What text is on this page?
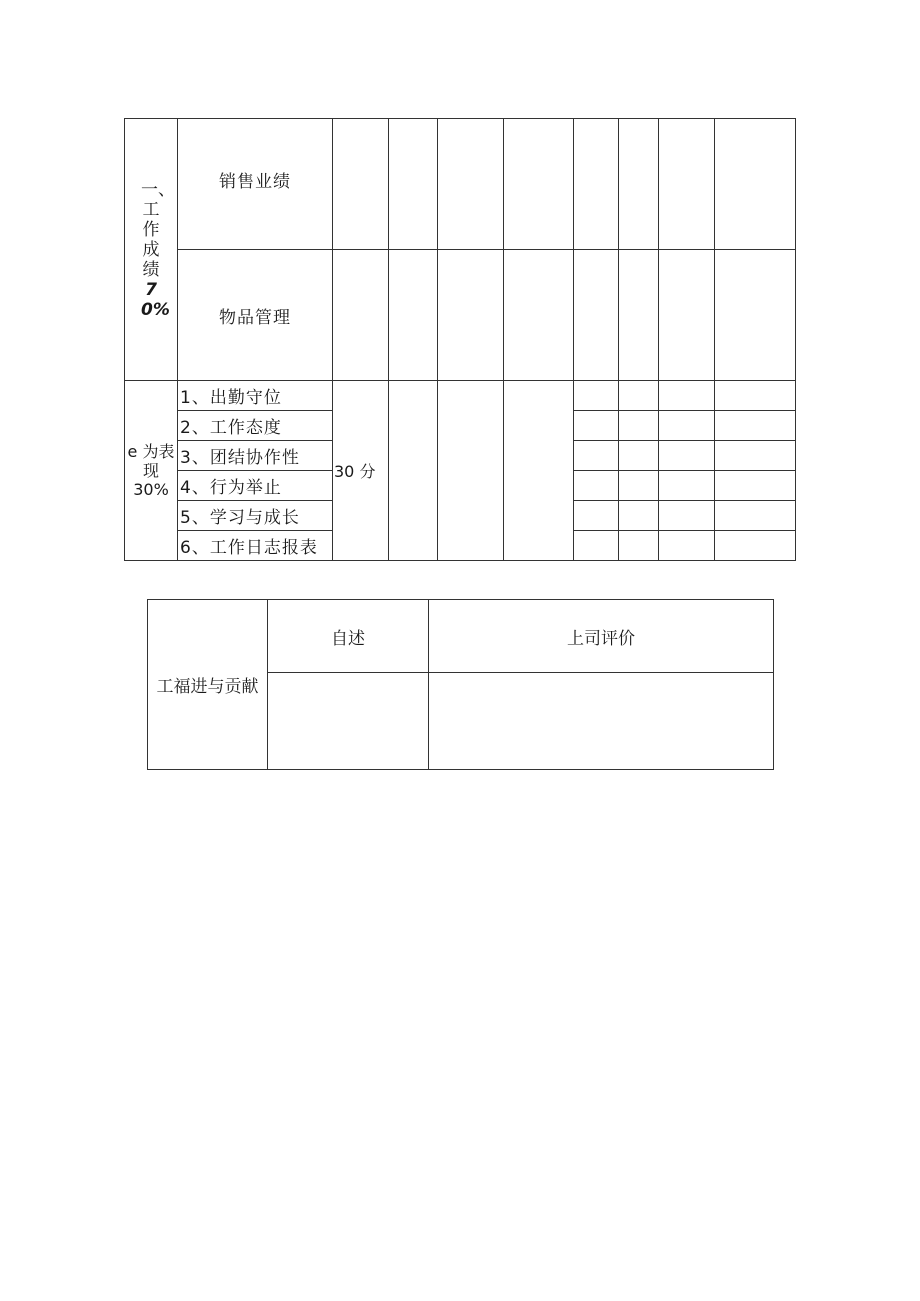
一、工作成绩70%	销售业绩								
	物品管理								
e 为表
现
30%	1、出勤守位	30 分							
	2、工作态度								
	3、团结协作性								
	4、行为举止								
	5、学习与成长								
	6、工作日志报表								
工福进与贡献	自述	上司评价
